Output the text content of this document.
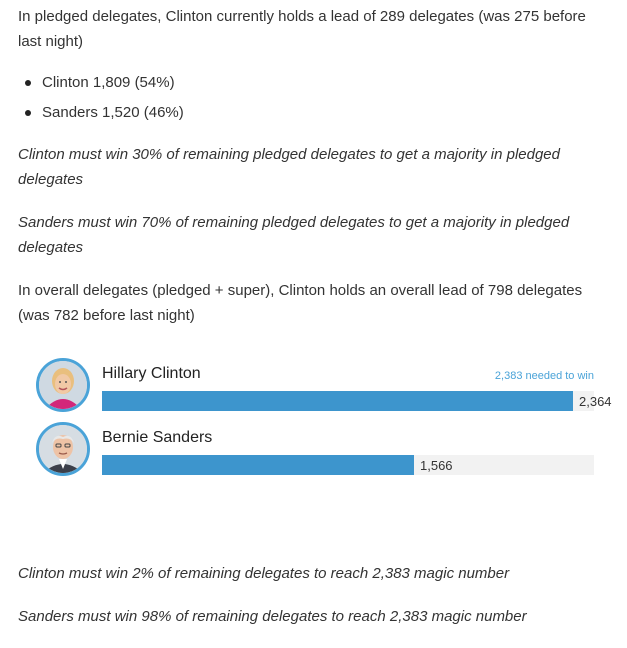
In pledged delegates, Clinton currently holds a lead of 289 delegates (was 275 before last night)

Clinton 1,809 (54%)
Sanders 1,520 (46%)

Clinton must win 30% of remaining pledged delegates to get a majority in pledged delegates

Sanders must win 70% of remaining pledged delegates to get a majority in pledged delegates

In overall delegates (pledged + super), Clinton holds an overall lead of 798 delegates (was 782 before last night)

Clinton must win 2% of remaining delegates to reach 2,383 magic number

Sanders must win 98% of remaining delegates to reach 2,383 magic number

Hillary Clinton	2,383 needed to win
2,364
Bernie Sanders
1,566
